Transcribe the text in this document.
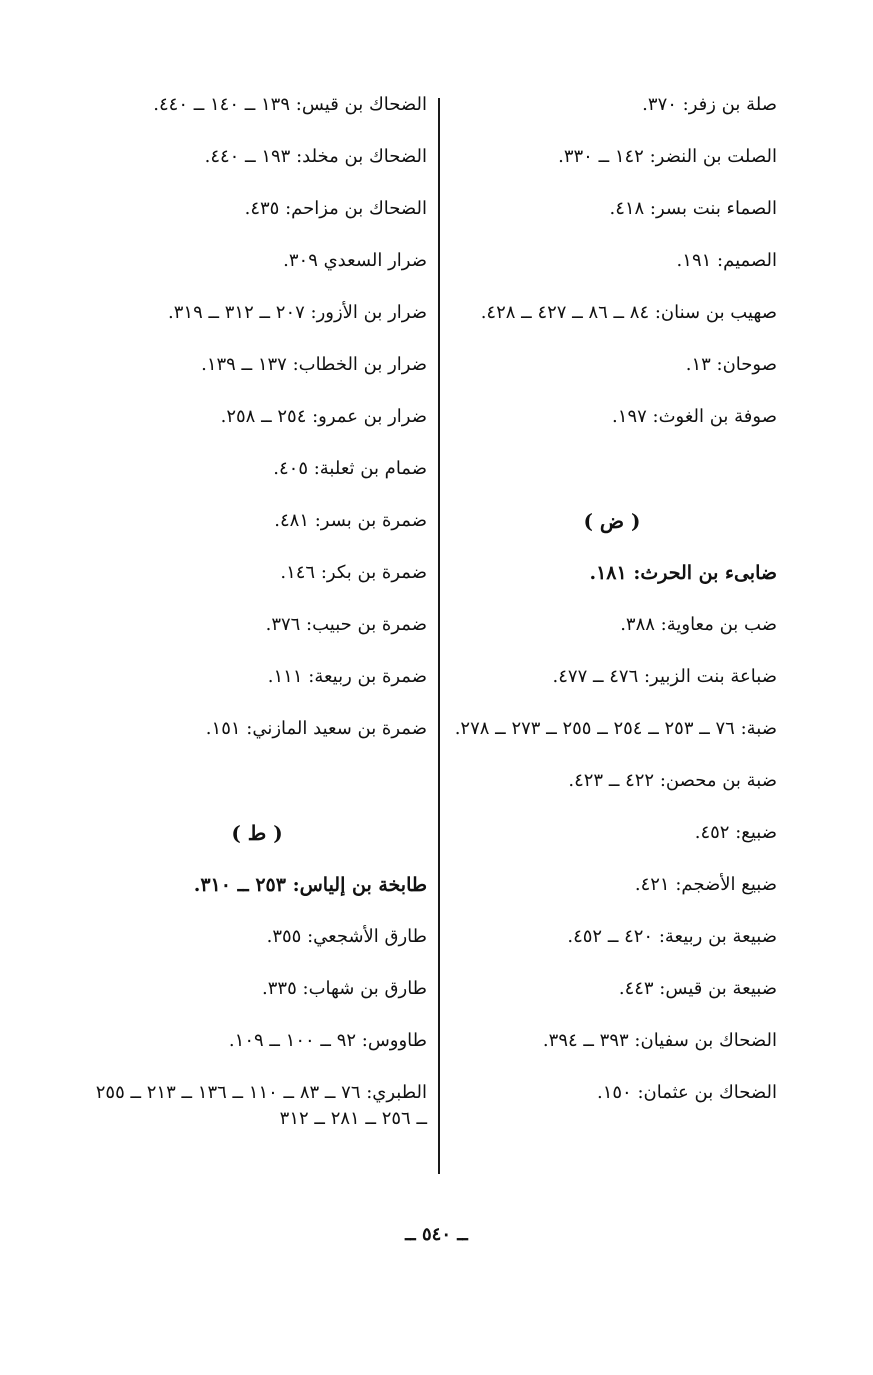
صلة بن زفر: ٣٧٠.
الصلت بن النضر: ١٤٢ ــ ٣٣٠.
الصماء بنت بسر: ٤١٨.
الصميم: ١٩١.
صهيب بن سنان: ٨٤ ــ ٨٦ ــ ٤٢٧ ــ ٤٢٨.
صوحان: ١٣.
صوفة بن الغوث: ١٩٧.
( ض )
ضابىء بن الحرث: ١٨١.
ضب بن معاوية: ٣٨٨.
ضباعة بنت الزبير: ٤٧٦ ــ ٤٧٧.
ضبة: ٧٦ ــ ٢٥٣ ــ ٢٥٤ ــ ٢٥٥ ــ ٢٧٣ ــ ٢٧٨.
ضبة بن محصن: ٤٢٢ ــ ٤٢٣.
ضبيع: ٤٥٢.
ضبيع الأضجم: ٤٢١.
ضبيعة بن ربيعة: ٤٢٠ ــ ٤٥٢.
ضبيعة بن قيس: ٤٤٣.
الضحاك بن سفيان: ٣٩٣ ــ ٣٩٤.
الضحاك بن عثمان: ١٥٠.
الضحاك بن قيس: ١٣٩ ــ ١٤٠ ــ ٤٤٠.
الضحاك بن مخلد: ١٩٣ ــ ٤٤٠.
الضحاك بن مزاحم: ٤٣٥.
ضرار السعدي ٣٠٩.
ضرار بن الأزور: ٢٠٧ ــ ٣١٢ ــ ٣١٩.
ضرار بن الخطاب: ١٣٧ ــ ١٣٩.
ضرار بن عمرو: ٢٥٤ ــ ٢٥٨.
ضمام بن ثعلبة: ٤٠٥.
ضمرة بن بسر: ٤٨١.
ضمرة بن بكر: ١٤٦.
ضمرة بن حبيب: ٣٧٦.
ضمرة بن ربيعة: ١١١.
ضمرة بن سعيد المازني: ١٥١.
( ط )
طابخة بن إلياس: ٢٥٣ ــ ٣١٠.
طارق الأشجعي: ٣٥٥.
طارق بن شهاب: ٣٣٥.
طاووس: ٩٢ ــ ١٠٠ ــ ١٠٩.
الطبري: ٧٦ ــ ٨٣ ــ ١١٠ ــ ١٣٦ ــ ٢١٣ ــ ٢٥٥ ــ ٢٥٦ ــ ٢٨١ ــ ٣١٢
ــ ٥٤٠ ــ
